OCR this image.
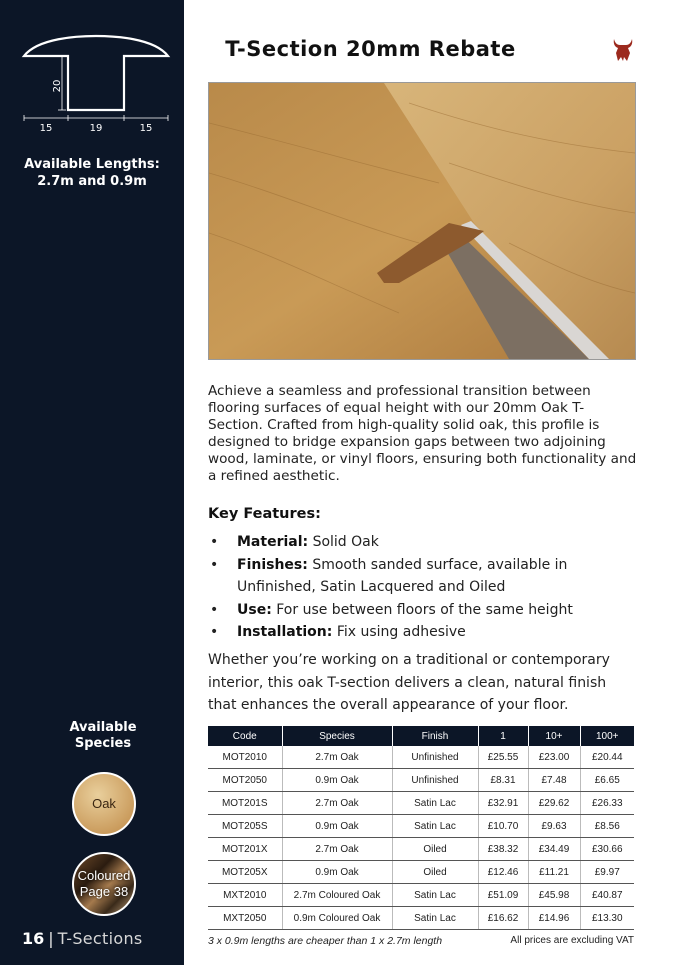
20
15	19	15
Available Lengths:
2.7m and 0.9m
Available
Species
Oak
Coloured
Page 38
16 | T-Sections
T-Section 20mm Rebate

Achieve a seamless and professional transition between flooring surfaces of equal height with our 20mm Oak T-Section. Crafted from high-quality solid oak, this profile is designed to bridge expansion gaps between two adjoining wood, laminate, or vinyl floors, ensuring both functionality and a refined aesthetic.

Key Features:
• Material: Solid Oak
• Finishes: Smooth sanded surface, available in Unfinished, Satin Lacquered and Oiled
• Use: For use between floors of the same height
• Installation: Fix using adhesive

Whether you’re working on a traditional or contemporary interior, this oak T-section delivers a clean, natural finish that enhances the overall appearance of your floor.

Code	Species	Finish	1	10+	100+
MOT2010	2.7m Oak	Unfinished	£25.55	£23.00	£20.44
MOT2050	0.9m Oak	Unfinished	£8.31	£7.48	£6.65
MOT201S	2.7m Oak	Satin Lac	£32.91	£29.62	£26.33
MOT205S	0.9m Oak	Satin Lac	£10.70	£9.63	£8.56
MOT201X	2.7m Oak	Oiled	£38.32	£34.49	£30.66
MOT205X	0.9m Oak	Oiled	£12.46	£11.21	£9.97
MXT2010	2.7m Coloured Oak	Satin Lac	£51.09	£45.98	£40.87
MXT2050	0.9m Coloured Oak	Satin Lac	£16.62	£14.96	£13.30
3 x 0.9m lengths are cheaper than 1 x 2.7m length	All prices are excluding VAT
